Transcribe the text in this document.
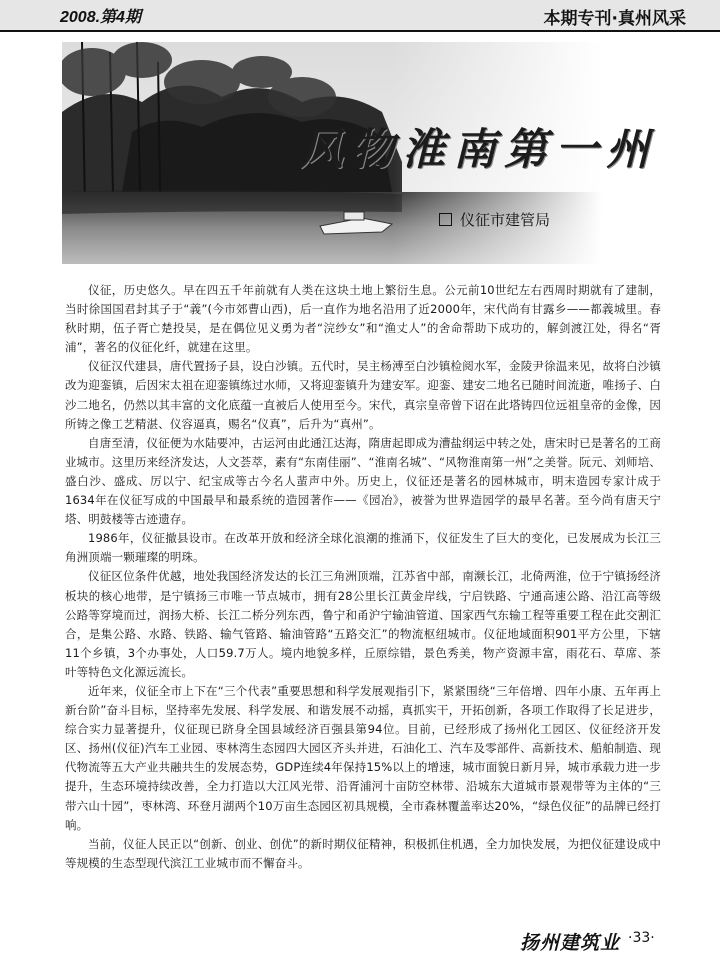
2008.第4期	本期专刊·真州风采
风物淮南第一州
仪征市建管局

仪征，历史悠久。早在四五千年前就有人类在这块土地上繁衍生息。公元前10世纪左右西周时期就有了建制，当时徐国国君封其子于“義”(今市郊曹山西)，后一直作为地名沿用了近2000年，宋代尚有甘露乡——都義城里。春秋时期，伍子胥亡楚投吴，是在偶位见义勇为者“浣纱女”和“渔丈人”的舍命帮助下成功的，解剑渡江处，得名“胥浦”，著名的仪征化纤，就建在这里。

仪征汉代建县，唐代置扬子县，设白沙镇。五代时，吴主杨溥至白沙镇检阅水军，金陵尹徐温来见，故将白沙镇改为迎銮镇，后因宋太祖在迎銮镇练过水师，又将迎銮镇升为建安军。迎銮、建安二地名已随时间流逝，唯扬子、白沙二地名，仍然以其丰富的文化底蕴一直被后人使用至今。宋代，真宗皇帝曾下诏在此塔铸四位远祖皇帝的金像，因所铸之像工艺精湛、仪容逼真，赐名“仪真”，后升为“真州”。

自唐至清，仪征便为水陆要冲，古运河由此通江达海，隋唐起即成为漕盐纲运中转之处，唐宋时已是著名的工商业城市。这里历来经济发达，人文荟萃，素有“东南佳丽”、“淮南名城”、“风物淮南第一州”之美誉。阮元、刘师培、盛白沙、盛成、厉以宁、纪宝成等古今名人蜚声中外。历史上，仪征还是著名的园林城市，明末造园专家计成于1634年在仪征写成的中国最早和最系统的造园著作——《园冶》，被誉为世界造园学的最早名著。至今尚有唐天宁塔、明鼓楼等古迹遗存。

1986年，仪征撤县设市。在改革开放和经济全球化浪潮的推涌下，仪征发生了巨大的变化，已发展成为长江三角洲顶端一颗璀璨的明珠。

仪征区位条件优越，地处我国经济发达的长江三角洲顶端，江苏省中部，南濒长江，北倚两淮，位于宁镇扬经济板块的核心地带，是宁镇扬三市唯一节点城市，拥有28公里长江黄金岸线，宁启铁路、宁通高速公路、沿江高等级公路等穿境而过，润扬大桥、长江二桥分列东西，鲁宁和甬沪宁输油管道、国家西气东输工程等重要工程在此交割汇合，是集公路、水路、铁路、输气管路、输油管路“五路交汇”的物流枢纽城市。仪征地域面积901平方公里，下辖11个乡镇，3个办事处，人口59.7万人。境内地貌多样，丘原综错，景色秀美，物产资源丰富，雨花石、草席、茶叶等特色文化源远流长。

近年来，仪征全市上下在“三个代表”重要思想和科学发展观指引下，紧紧围绕“三年倍增、四年小康、五年再上新台阶”奋斗目标，坚持率先发展、科学发展、和谐发展不动摇，真抓实干，开拓创新，各项工作取得了长足进步，综合实力显著提升，仪征现已跻身全国县域经济百强县第94位。目前，已经形成了扬州化工园区、仪征经济开发区、扬州(仪征)汽车工业园、枣林湾生态园四大园区齐头并进，石油化工、汽车及零部件、高新技术、船舶制造、现代物流等五大产业共融共生的发展态势，GDP连续4年保持15%以上的增速，城市面貌日新月异，城市承载力进一步提升，生态环境持续改善，全力打造以大江风光带、沿胥浦河十亩防空林带、沿城东大道城市景观带等为主体的“三带六山十园”，枣林湾、环登月湖两个10万亩生态园区初具规模，全市森林覆盖率达20%，“绿色仪征”的品牌已经打响。

当前，仪征人民正以“创新、创业、创优”的新时期仪征精神，积极抓住机遇，全力加快发展，为把仪征建设成中等规模的生态型现代滨江工业城市而不懈奋斗。

扬州建筑业 ·33·
